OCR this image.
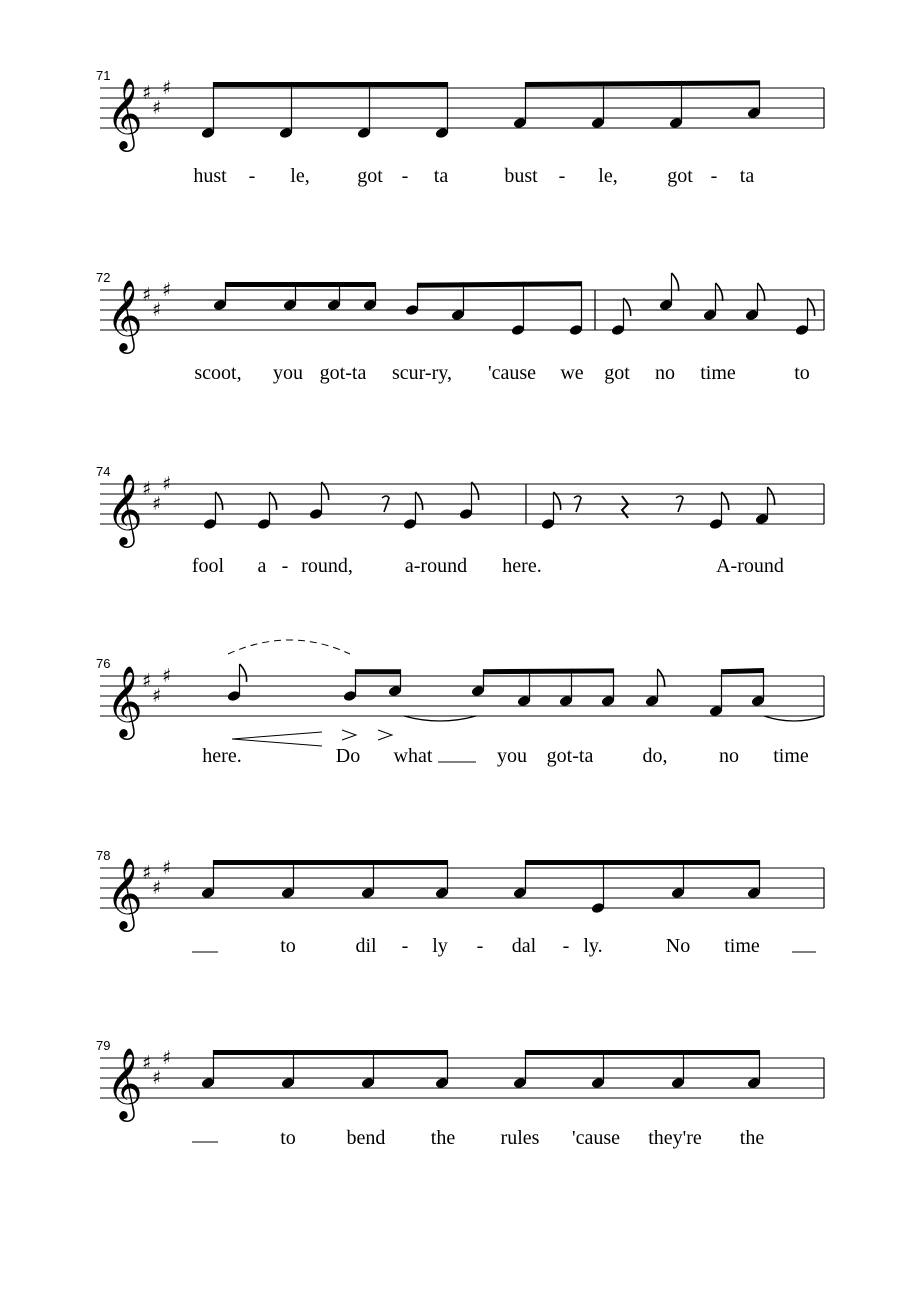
71
𝄞 ♯
♯
♯
hust - le, got - ta	bust - le, got - ta
72
𝄞 ♯
♯
♯
scoot, you got-ta scur-ry, 'cause we got no time	to
74
𝄞 ♯
♯
♯
fool a - round,	a-round here.	A-round
76
𝄞 ♯
♯
♯
here.	Do what	you got-ta do,	no time
78
𝄞 ♯
♯
♯
to	dil - ly - dal - ly.	No time
79
𝄞 ♯
♯
♯
to	bend the rules 'cause they're the
